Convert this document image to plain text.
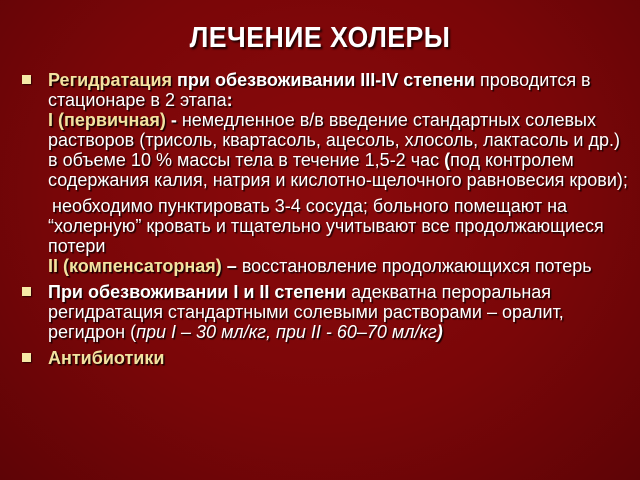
ЛЕЧЕНИЕ ХОЛЕРЫ
Регидратация при обезвоживании III-IV степени проводится в стационаре в 2 этапа:
I (первичная) - немедленное в/в введение стандартных солевых растворов (трисоль, квартасоль, ацесоль, хлосоль, лактасоль и др.) в объеме 10 % массы тела в течение 1,5-2 час (под контролем содержания калия, натрия и кислотно-щелочного равновесия крови);
необходимо пунктировать 3-4 сосуда; больного помещают на “холерную” кровать и тщательно учитывают все продолжающиеся потери
II (компенсаторная) – восстановление продолжающихся потерь
При обезвоживании I и II степени адекватна пероральная регидратация стандартными солевыми растворами – оралит, регидрон (при I – 30 мл/кг, при II - 60–70 мл/кг)
Антибиотики
